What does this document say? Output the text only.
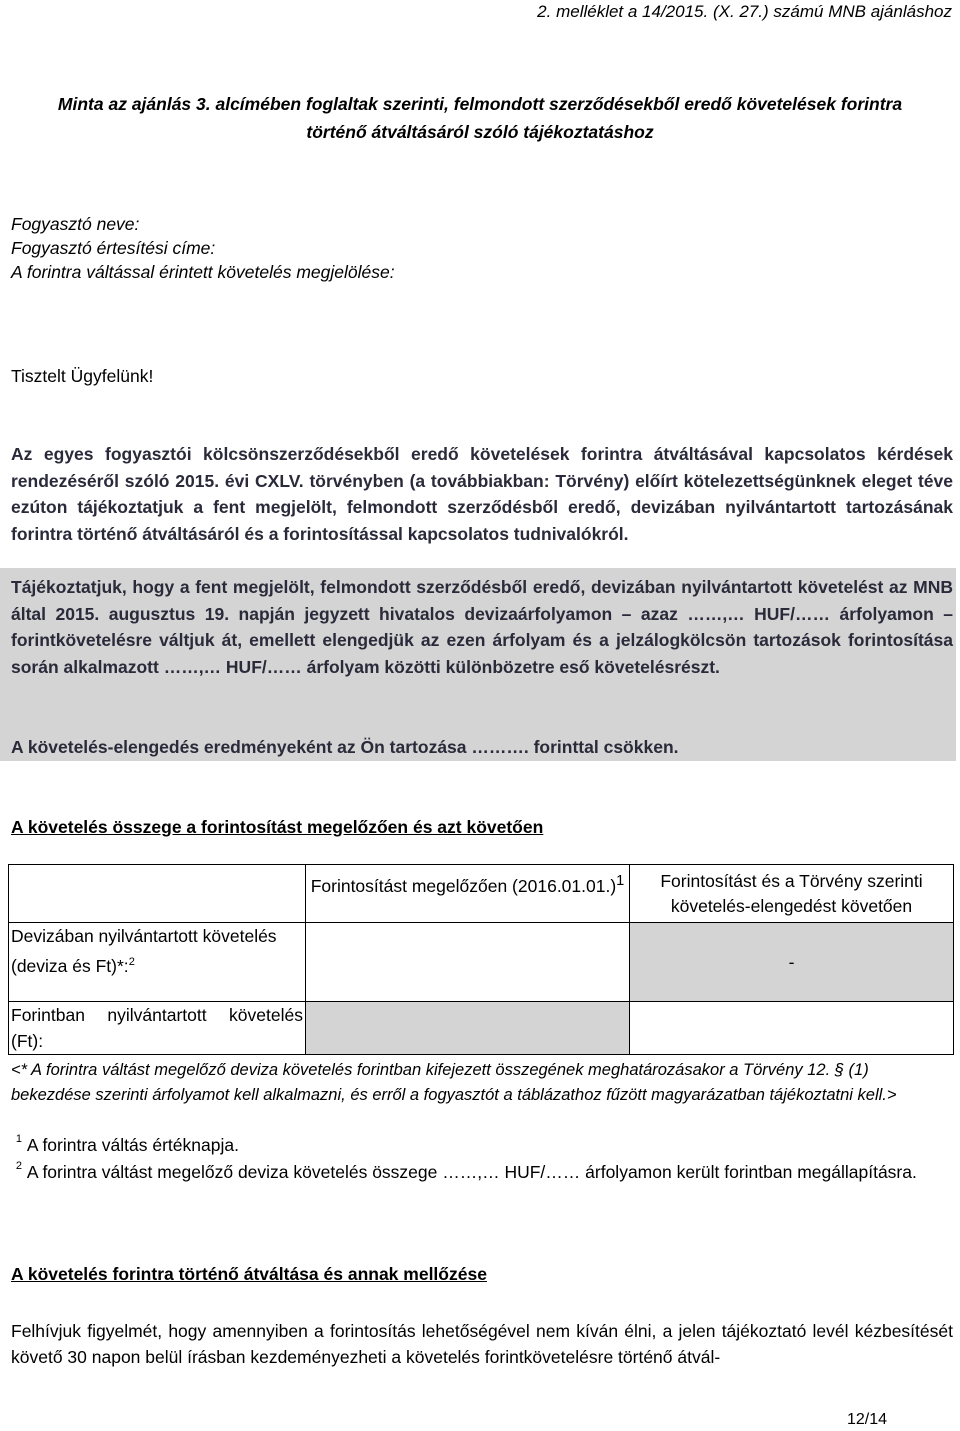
2. melléklet a 14/2015. (X. 27.) számú MNB ajánláshoz
Minta az ajánlás 3. alcímében foglaltak szerinti, felmondott szerződésekből eredő követelések forintra
történő átváltásáról szóló tájékoztatáshoz
Fogyasztó neve:
Fogyasztó értesítési címe:
A forintra váltással érintett követelés megjelölése:
Tisztelt Ügyfelünk!
Az egyes fogyasztói kölcsönszerződésekből eredő követelések forintra átváltásával kapcsolatos kérdések rendezéséről szóló 2015. évi CXLV. törvényben (a továbbiakban: Törvény) előírt kötelezettségünknek eleget téve ezúton tájékoztatjuk a fent megjelölt, felmondott szerződésből eredő, devizában nyilvántartott tartozásának forintra történő átváltásáról és a forintosítással kapcsolatos tudnivalókról.
Tájékoztatjuk, hogy a fent megjelölt, felmondott szerződésből eredő, devizában nyilvántartott követelést az MNB által 2015. augusztus 19. napján jegyzett hivatalos devizaárfolyamon – azaz ……,… HUF/…… árfolyamon – forintkövetelésre váltjuk át, emellett elengedjük az ezen árfolyam és a jelzálogkölcsön tartozások forintosítása során alkalmazott ……,… HUF/…… árfolyam közötti különbözetre eső követelésrészt.
A követelés-elengedés eredményeként az Ön tartozása ………. forinttal csökken.
A követelés összege a forintosítást megelőzően és azt követően
	Forintosítást megelőzően $(2016.01.01.)^1$	Forintosítást és a Törvény szerinti követelés-elengedést követően

Devizában nyilvántartott követelés
(deviza és Ft)*:$^2$		-
Forintban nyilvántartott követelés (Ft):		
<* A forintra váltást megelőző deviza követelés forintban kifejezett összegének meghatározásakor a Törvény 12. § (1) bekezdése szerinti árfolyamot kell alkalmazni, és erről a fogyasztót a táblázathoz fűzött magyarázatban tájékoztatni kell.>
$^1$ A forintra váltás értéknapja.
$^2$ A forintra váltást megelőző deviza követelés összege ……,… HUF/…… árfolyamon került forintban megállapításra.
A követelés forintra történő átváltása és annak mellőzése
Felhívjuk figyelmét, hogy amennyiben a forintosítás lehetőségével nem kíván élni, a jelen tájékoztató levél kézbesítését követő 30 napon belül írásban kezdeményezheti a követelés forintkövetelésre történő átvál-
12/14
